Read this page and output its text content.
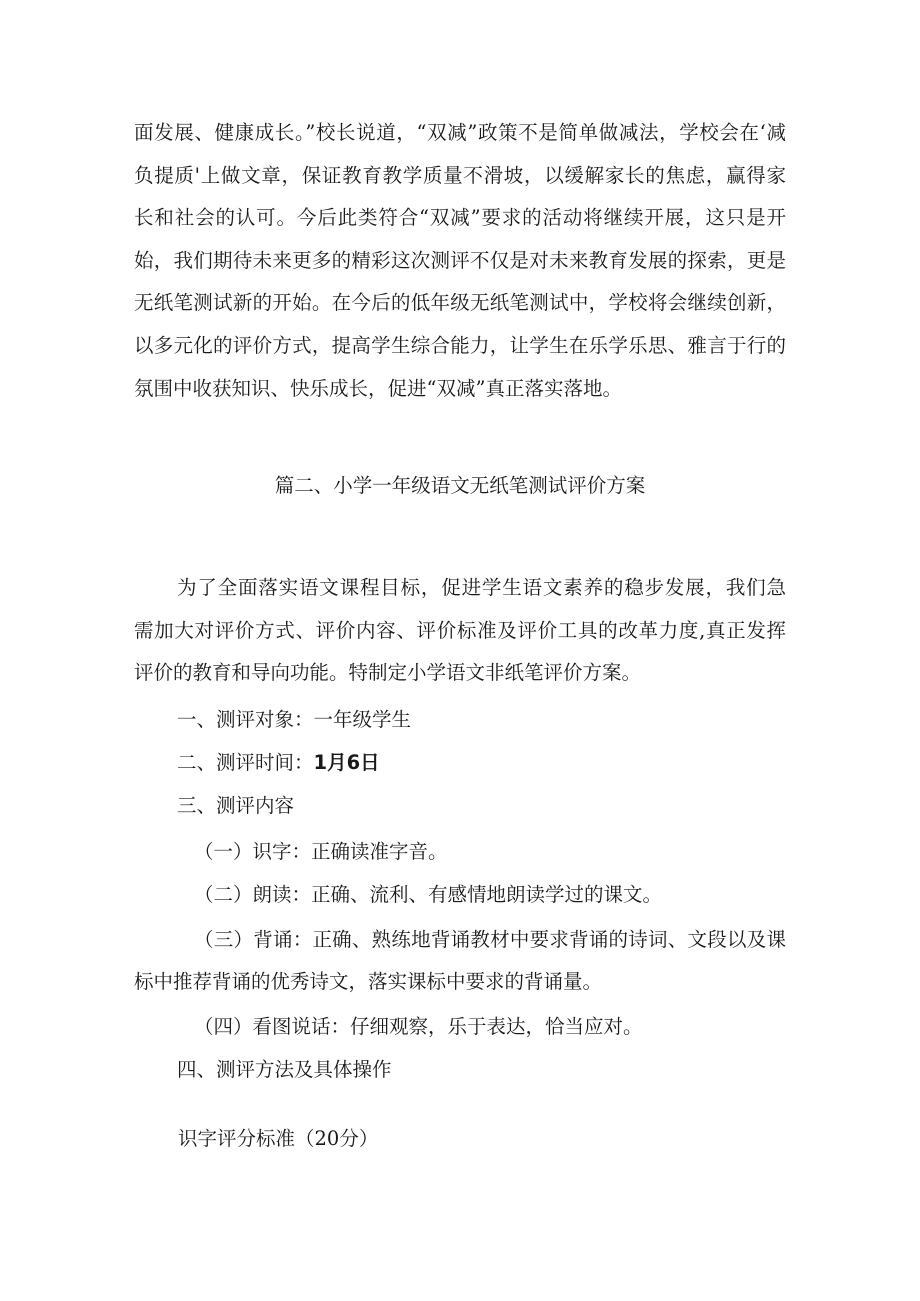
面发展、健康成长。”校长说道，“双减”政策不是简单做减法，学校会在‘减
负提质'上做文章，保证教育教学质量不滑坡，以缓解家长的焦虑，赢得家
长和社会的认可。今后此类符合“双减”要求的活动将继续开展，这只是开
始，我们期待未来更多的精彩这次测评不仅是对未来教育发展的探索，更是
无纸笔测试新的开始。在今后的低年级无纸笔测试中，学校将会继续创新，
以多元化的评价方式，提高学生综合能力，让学生在乐学乐思、雅言于行的
氛围中收获知识、快乐成长，促进“双减”真正落实落地。
篇二、小学一年级语文无纸笔测试评价方案
为了全面落实语文课程目标，促进学生语文素养的稳步发展，我们急
需加大对评价方式、评价内容、评价标准及评价工具的改革力度,真正发挥
评价的教育和导向功能。特制定小学语文非纸笔评价方案。
一、测评对象：一年级学生
二、测评时间：1月6日
三、测评内容
（一）识字：正确读准字音。
（二）朗读：正确、流利、有感情地朗读学过的课文。
（三）背诵：正确、熟练地背诵教材中要求背诵的诗词、文段以及课
标中推荐背诵的优秀诗文，落实课标中要求的背诵量。
（四）看图说话：仔细观察，乐于表达，恰当应对。
四、测评方法及具体操作
识字评分标准（20分）
